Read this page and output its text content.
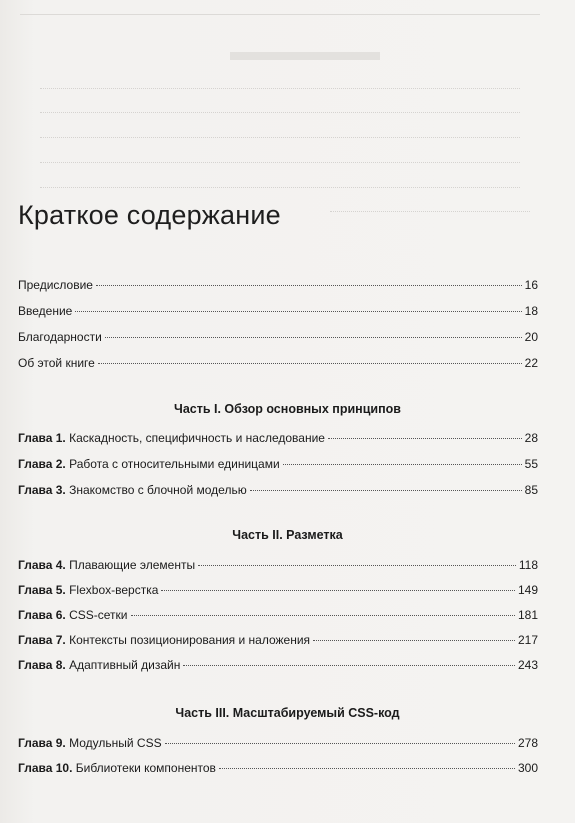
Краткое содержание
Предисловие	16
Введение	18
Благодарности	20
Об этой книге	22
Часть I. Обзор основных принципов
Глава 1. Каскадность, специфичность и наследование	28
Глава 2. Работа с относительными единицами	55
Глава 3. Знакомство с блочной моделью	85
Часть II. Разметка
Глава 4. Плавающие элементы	118
Глава 5. Flexbox-верстка	149
Глава 6. CSS-сетки	181
Глава 7. Контексты позиционирования и наложения	217
Глава 8. Адаптивный дизайн	243
Часть III. Масштабируемый CSS-код
Глава 9. Модульный CSS	278
Глава 10. Библиотеки компонентов	300
